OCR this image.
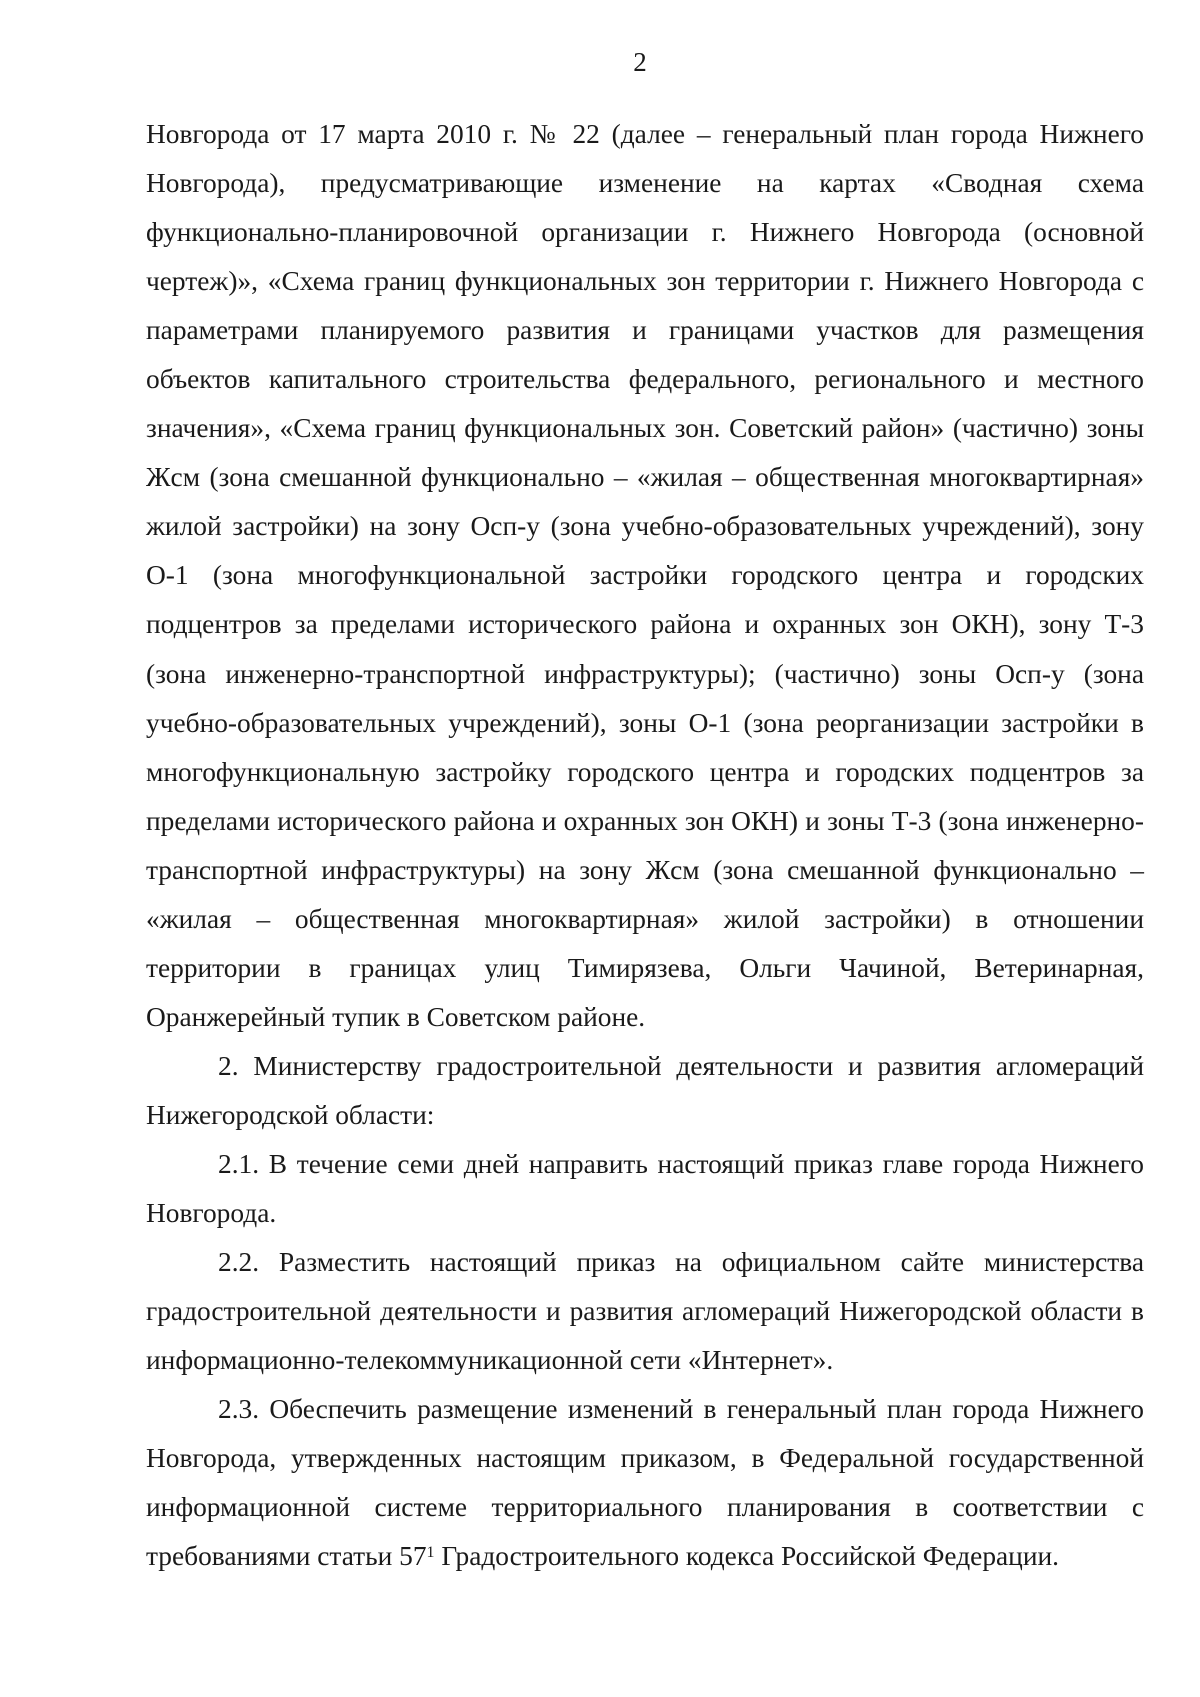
2

Новгорода от 17 марта 2010 г. № 22 (далее – генеральный план города Нижнего Новгорода), предусматривающие изменение на картах «Сводная схема функционально-планировочной организации г. Нижнего Новгорода (основной чертеж)», «Схема границ функциональных зон территории г. Нижнего Новгорода с параметрами планируемого развития и границами участков для размещения объектов капитального строительства федерального, регионального и местного значения», «Схема границ функциональных зон. Советский район» (частично) зоны Жсм (зона смешанной функционально – «жилая – общественная многоквартирная» жилой застройки) на зону Осп-у (зона учебно-образовательных учреждений), зону О-1 (зона многофункциональной застройки городского центра и городских подцентров за пределами исторического района и охранных зон ОКН), зону Т-3 (зона инженерно-транспортной инфраструктуры); (частично) зоны Осп-у (зона учебно-образовательных учреждений), зоны О-1 (зона реорганизации застройки в многофункциональную застройку городского центра и городских подцентров за пределами исторического района и охранных зон ОКН) и зоны Т-3 (зона инженерно-транспортной инфраструктуры) на зону Жсм (зона смешанной функционально – «жилая – общественная многоквартирная» жилой застройки) в отношении территории в границах улиц Тимирязева, Ольги Чачиной, Ветеринарная, Оранжерейный тупик в Советском районе.

2. Министерству градостроительной деятельности и развития агломераций Нижегородской области:

2.1. В течение семи дней направить настоящий приказ главе города Нижнего Новгорода.

2.2. Разместить настоящий приказ на официальном сайте министерства градостроительной деятельности и развития агломераций Нижегородской области в информационно-телекоммуникационной сети «Интернет».

2.3. Обеспечить размещение изменений в генеральный план города Нижнего Новгорода, утвержденных настоящим приказом, в Федеральной государственной информационной системе территориального планирования в соответствии с требованиями статьи $57^1$ Градостроительного кодекса Российской Федерации.
